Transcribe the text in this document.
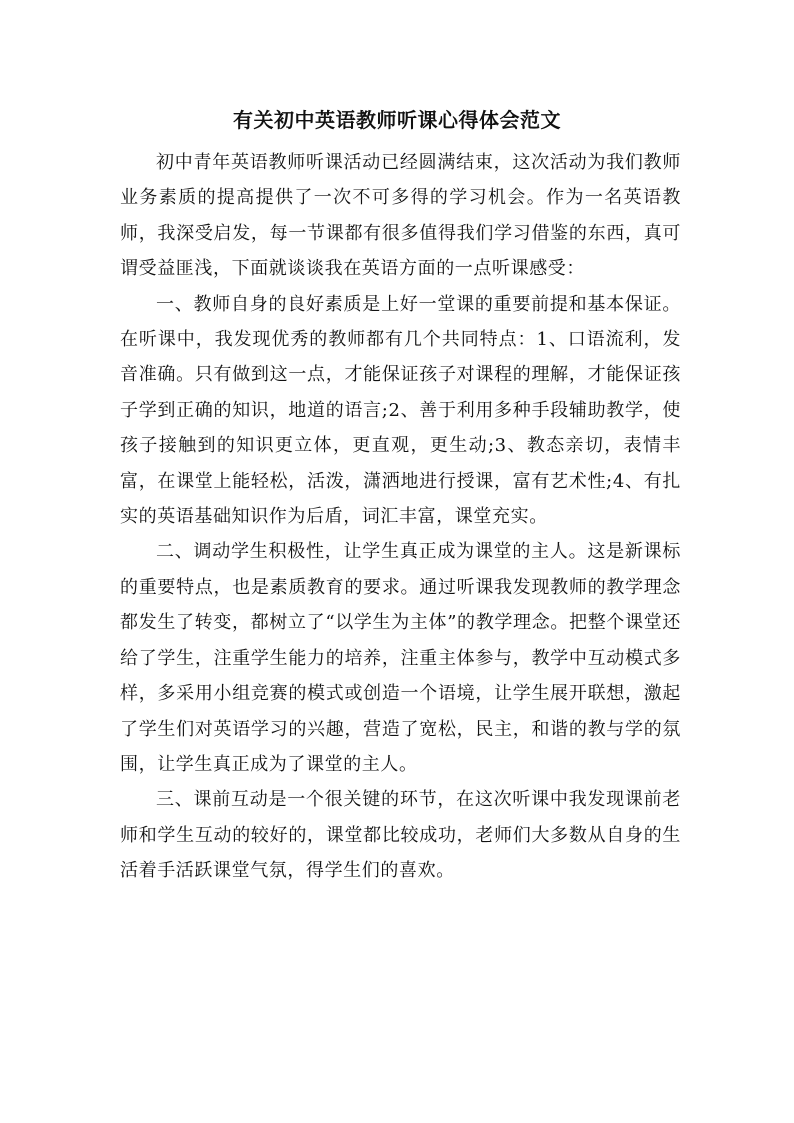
有关初中英语教师听课心得体会范文

初中青年英语教师听课活动已经圆满结束，这次活动为我们教师业务素质的提高提供了一次不可多得的学习机会。作为一名英语教师，我深受启发，每一节课都有很多值得我们学习借鉴的东西，真可谓受益匪浅，下面就谈谈我在英语方面的一点听课感受：

一、教师自身的良好素质是上好一堂课的重要前提和基本保证。在听课中，我发现优秀的教师都有几个共同特点：1、口语流利，发音准确。只有做到这一点，才能保证孩子对课程的理解，才能保证孩子学到正确的知识，地道的语言;2、善于利用多种手段辅助教学，使孩子接触到的知识更立体，更直观，更生动;3、教态亲切，表情丰富，在课堂上能轻松，活泼，潇洒地进行授课，富有艺术性;4、有扎实的英语基础知识作为后盾，词汇丰富，课堂充实。

二、调动学生积极性，让学生真正成为课堂的主人。这是新课标的重要特点，也是素质教育的要求。通过听课我发现教师的教学理念都发生了转变，都树立了“以学生为主体”的教学理念。把整个课堂还给了学生，注重学生能力的培养，注重主体参与，教学中互动模式多样，多采用小组竞赛的模式或创造一个语境，让学生展开联想，激起了学生们对英语学习的兴趣，营造了宽松，民主，和谐的教与学的氛围，让学生真正成为了课堂的主人。

三、课前互动是一个很关键的环节，在这次听课中我发现课前老师和学生互动的较好的，课堂都比较成功，老师们大多数从自身的生活着手活跃课堂气氛，得学生们的喜欢。
